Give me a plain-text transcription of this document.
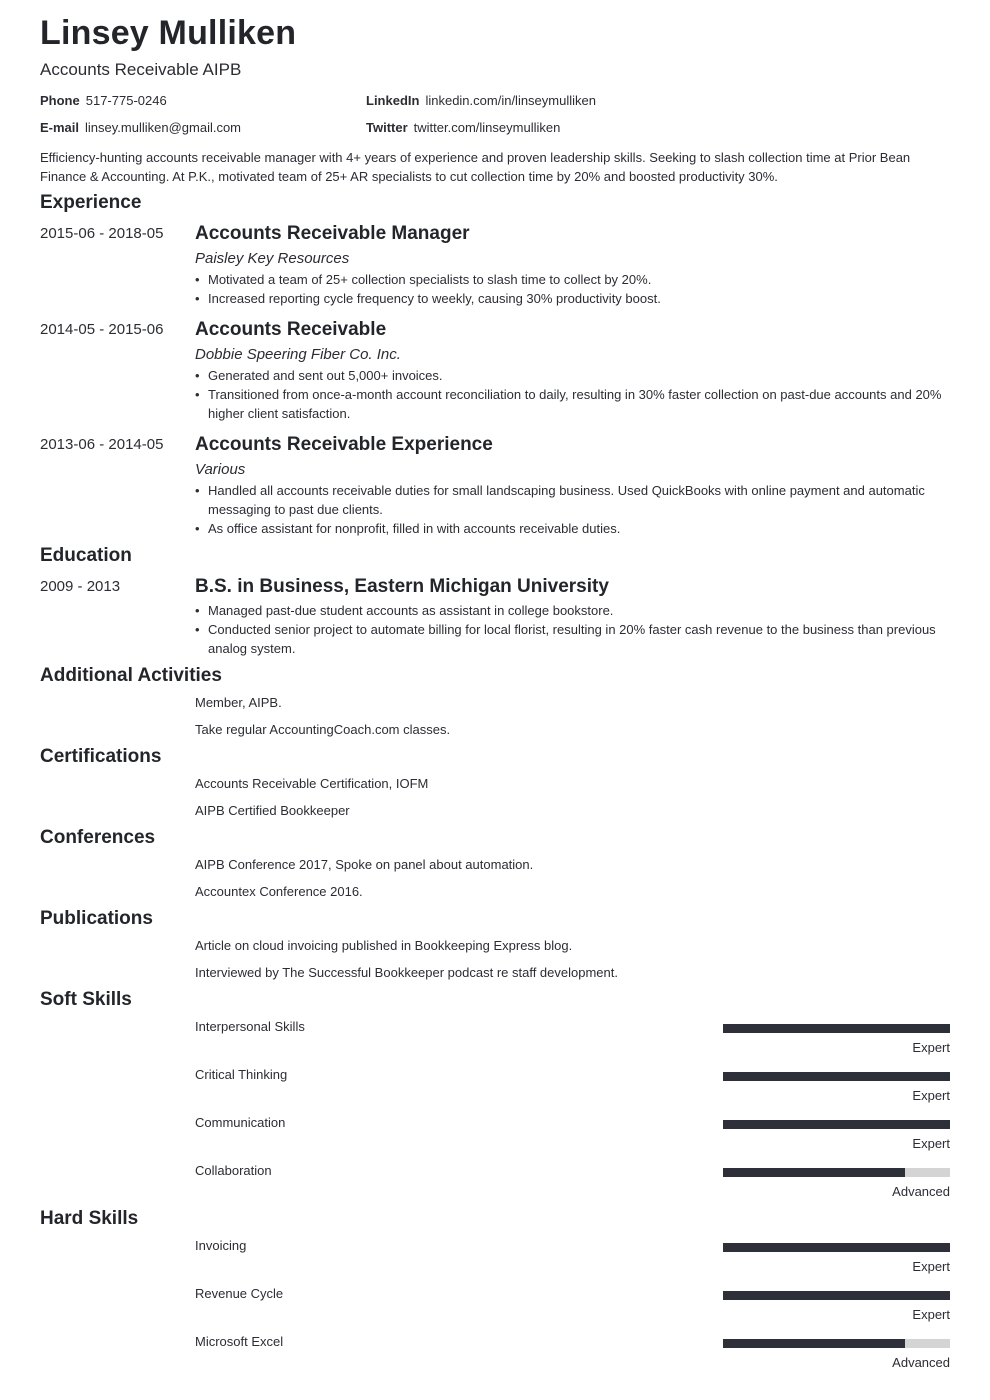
Linsey Mulliken
Accounts Receivable AIPB
Phone 517-775-0246	LinkedIn linkedin.com/in/linseymulliken
E-mail linsey.mulliken@gmail.com	Twitter twitter.com/linseymulliken
Efficiency-hunting accounts receivable manager with 4+ years of experience and proven leadership skills. Seeking to slash collection time at Prior Bean Finance & Accounting. At P.K., motivated team of 25+ AR specialists to cut collection time by 20% and boosted productivity 30%.
Experience
2015-06 - 2018-05 Accounts Receivable Manager
Paisley Key Resources
• Motivated a team of 25+ collection specialists to slash time to collect by 20%.
• Increased reporting cycle frequency to weekly, causing 30% productivity boost.
2014-05 - 2015-06 Accounts Receivable
Dobbie Speering Fiber Co. Inc.
• Generated and sent out 5,000+ invoices.
• Transitioned from once-a-month account reconciliation to daily, resulting in 30% faster collection on past-due accounts and 20% higher client satisfaction.
2013-06 - 2014-05 Accounts Receivable Experience
Various
• Handled all accounts receivable duties for small landscaping business. Used QuickBooks with online payment and automatic messaging to past due clients.
• As office assistant for nonprofit, filled in with accounts receivable duties.
Education
2009 - 2013	B.S. in Business, Eastern Michigan University
• Managed past-due student accounts as assistant in college bookstore.
• Conducted senior project to automate billing for local florist, resulting in 20% faster cash revenue to the business than previous analog system.
Additional Activities
Member, AIPB.
Take regular AccountingCoach.com classes.
Certifications
Accounts Receivable Certification, IOFM
AIPB Certified Bookkeeper
Conferences
AIPB Conference 2017, Spoke on panel about automation.
Accountex Conference 2016.
Publications
Article on cloud invoicing published in Bookkeeping Express blog.
Interviewed by The Successful Bookkeeper podcast re staff development.
Soft Skills
Interpersonal Skills
Expert
Critical Thinking
Expert
Communication
Expert
Collaboration
Advanced
Hard Skills
Invoicing
Expert
Revenue Cycle
Expert
Microsoft Excel
Advanced
